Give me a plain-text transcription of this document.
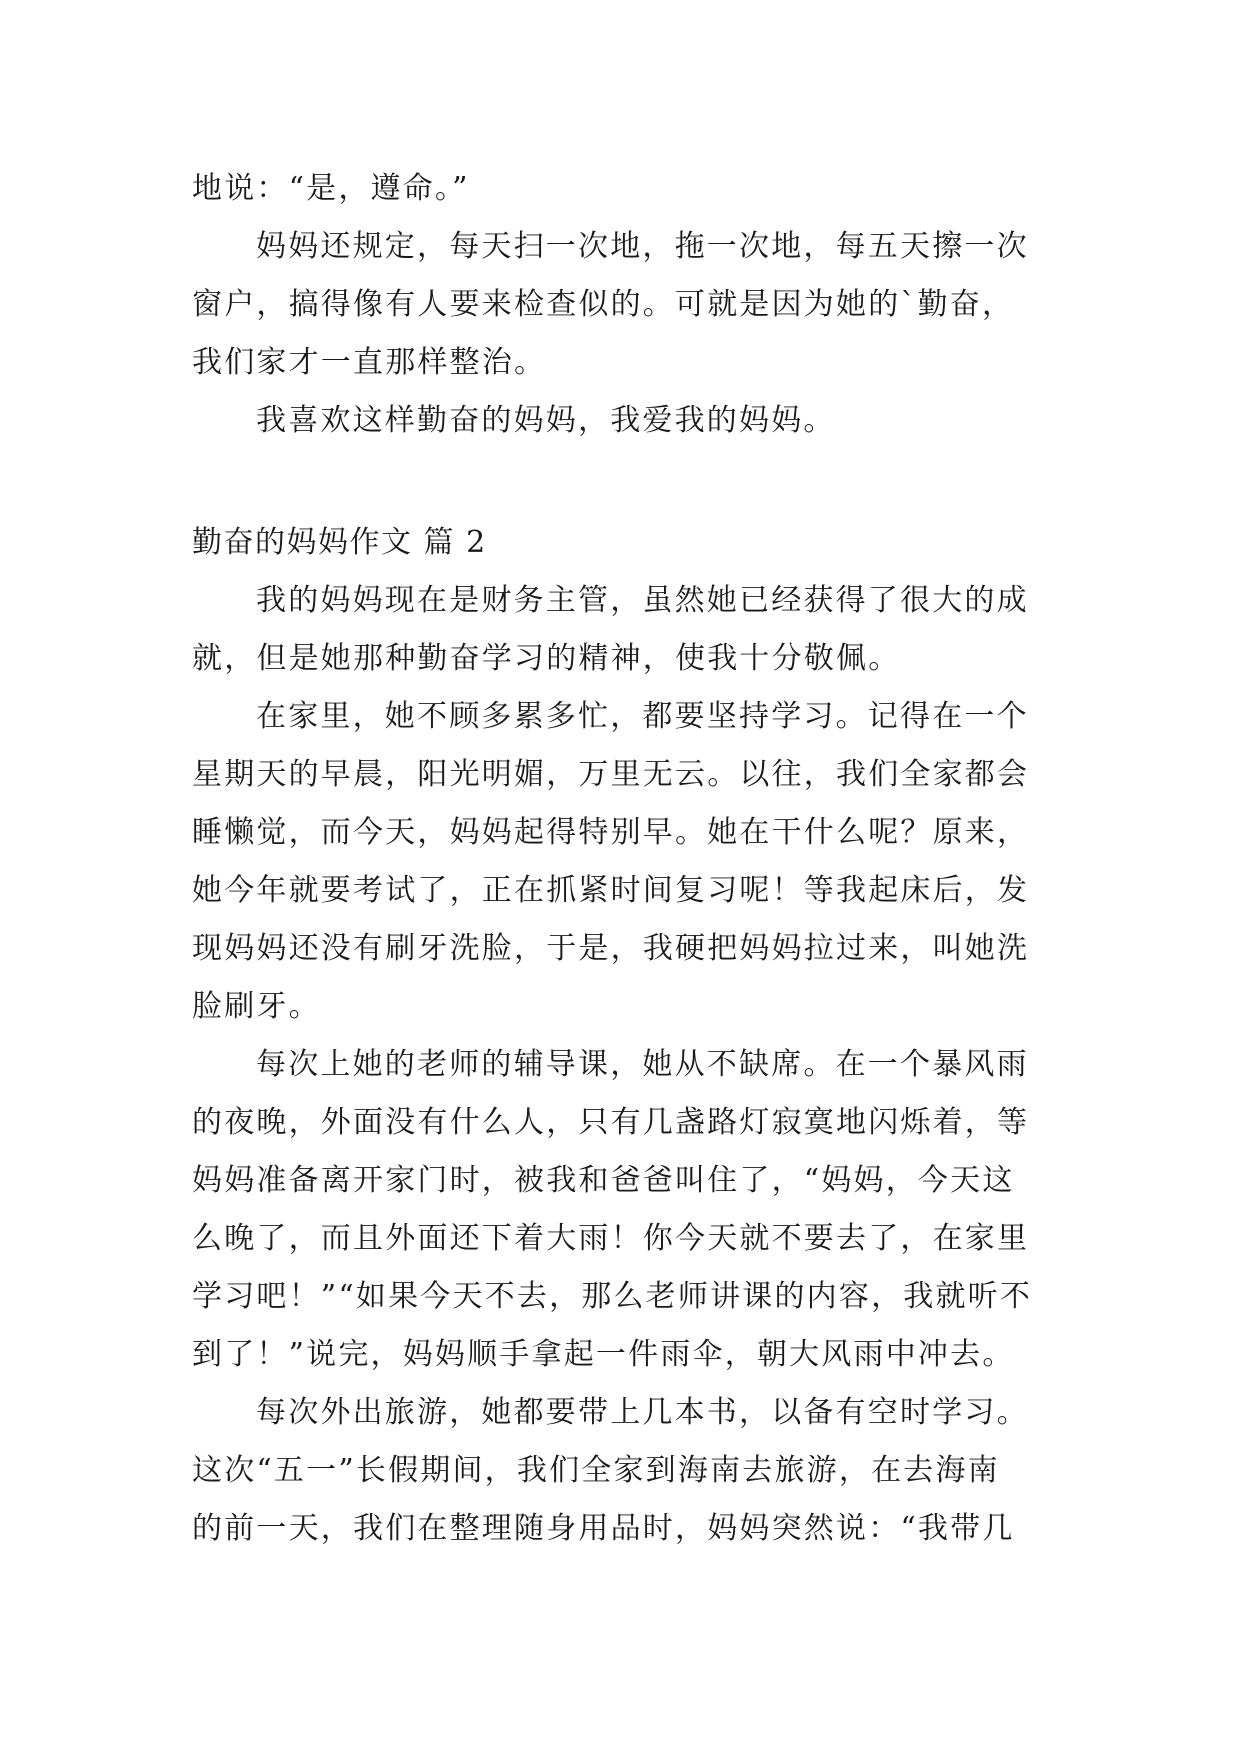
地说：“是，遵命。”
妈妈还规定，每天扫一次地，拖一次地，每五天擦一次
窗户，搞得像有人要来检查似的。可就是因为她的`勤奋，
我们家才一直那样整治。
我喜欢这样勤奋的妈妈，我爱我的妈妈。
勤奋的妈妈作文 篇 2
我的妈妈现在是财务主管，虽然她已经获得了很大的成
就，但是她那种勤奋学习的精神，使我十分敬佩。
在家里，她不顾多累多忙，都要坚持学习。记得在一个
星期天的早晨，阳光明媚，万里无云。以往，我们全家都会
睡懒觉，而今天，妈妈起得特别早。她在干什么呢？原来，
她今年就要考试了，正在抓紧时间复习呢！等我起床后，发
现妈妈还没有刷牙洗脸，于是，我硬把妈妈拉过来，叫她洗
脸刷牙。
每次上她的老师的辅导课，她从不缺席。在一个暴风雨
的夜晚，外面没有什么人，只有几盏路灯寂寞地闪烁着，等
妈妈准备离开家门时，被我和爸爸叫住了，“妈妈，今天这
么晚了，而且外面还下着大雨！你今天就不要去了，在家里
学习吧！”“如果今天不去，那么老师讲课的内容，我就听不
到了！”说完，妈妈顺手拿起一件雨伞，朝大风雨中冲去。
每次外出旅游，她都要带上几本书，以备有空时学习。
这次“五一”长假期间，我们全家到海南去旅游，在去海南
的前一天，我们在整理随身用品时，妈妈突然说：“我带几
